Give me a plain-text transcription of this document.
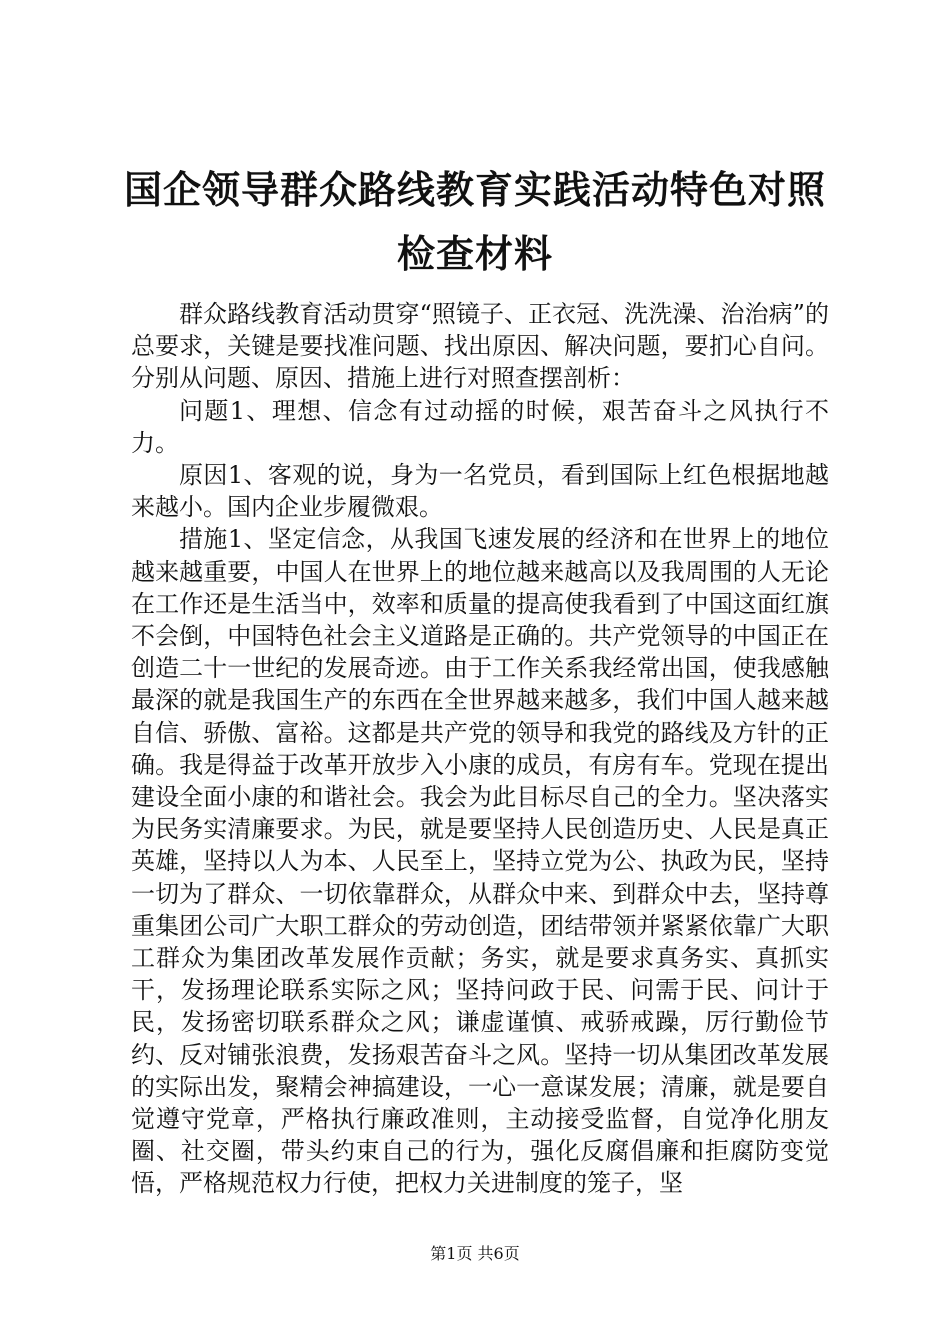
国企领导群众路线教育实践活动特色对照检查材料

群众路线教育活动贯穿“照镜子、正衣冠、洗洗澡、治治病”的总要求，关键是要找准问题、找出原因、解决问题，要扪心自问。分别从问题、原因、措施上进行对照查摆剖析：

问题1、理想、信念有过动摇的时候，艰苦奋斗之风执行不力。

原因1、客观的说，身为一名党员，看到国际上红色根据地越来越小。国内企业步履微艰。

措施1、坚定信念，从我国飞速发展的经济和在世界上的地位越来越重要，中国人在世界上的地位越来越高以及我周围的人无论在工作还是生活当中，效率和质量的提高使我看到了中国这面红旗不会倒，中国特色社会主义道路是正确的。共产党领导的中国正在创造二十一世纪的发展奇迹。由于工作关系我经常出国，使我感触最深的就是我国生产的东西在全世界越来越多，我们中国人越来越自信、骄傲、富裕。这都是共产党的领导和我党的路线及方针的正确。我是得益于改革开放步入小康的成员，有房有车。党现在提出建设全面小康的和谐社会。我会为此目标尽自己的全力。坚决落实为民务实清廉要求。为民，就是要坚持人民创造历史、人民是真正英雄，坚持以人为本、人民至上，坚持立党为公、执政为民，坚持一切为了群众、一切依靠群众，从群众中来、到群众中去，坚持尊重集团公司广大职工群众的劳动创造，团结带领并紧紧依靠广大职工群众为集团改革发展作贡献；务实，就是要求真务实、真抓实干，发扬理论联系实际之风；坚持问政于民、问需于民、问计于民，发扬密切联系群众之风；谦虚谨慎、戒骄戒躁，厉行勤俭节约、反对铺张浪费，发扬艰苦奋斗之风。坚持一切从集团改革发展的实际出发，聚精会神搞建设，一心一意谋发展；清廉，就是要自觉遵守党章，严格执行廉政准则，主动接受监督，自觉净化朋友圈、社交圈，带头约束自己的行为，强化反腐倡廉和拒腐防变觉悟，严格规范权力行使，把权力关进制度的笼子，坚

第1页 共6页
